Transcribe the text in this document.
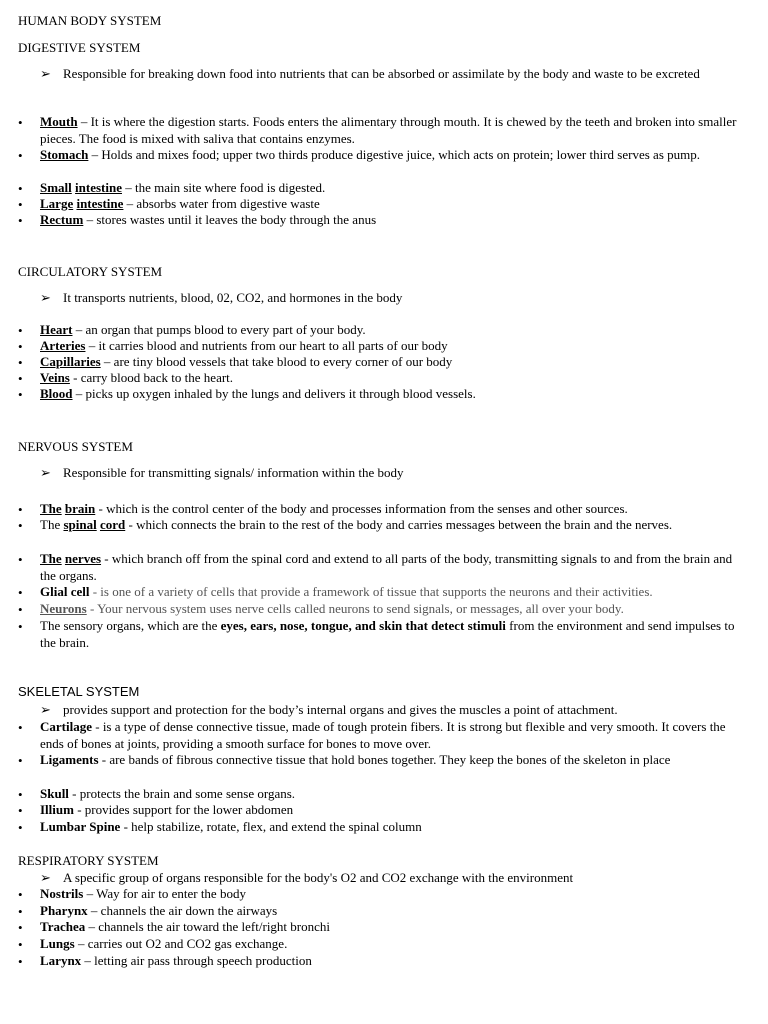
HUMAN BODY SYSTEM
DIGESTIVE SYSTEM
➢ Responsible for breaking down food into nutrients that can be absorbed or assimilate by the body and waste to be excreted
• Mouth – It is where the digestion starts. Foods enters the alimentary through mouth. It is chewed by the teeth and broken into smaller pieces. The food is mixed with saliva that contains enzymes.
• Stomach – Holds and mixes food; upper two thirds produce digestive juice, which acts on protein; lower third serves as pump.
• Small intestine – the main site where food is digested.
• Large intestine – absorbs water from digestive waste
• Rectum – stores wastes until it leaves the body through the anus
CIRCULATORY SYSTEM
➢ It transports nutrients, blood, 02, CO2, and hormones in the body
• Heart – an organ that pumps blood to every part of your body.
• Arteries – it carries blood and nutrients from our heart to all parts of our body
• Capillaries – are tiny blood vessels that take blood to every corner of our body
• Veins - carry blood back to the heart.
• Blood – picks up oxygen inhaled by the lungs and delivers it through blood vessels.
NERVOUS SYSTEM
➢ Responsible for transmitting signals/ information within the body
• The brain - which is the control center of the body and processes information from the senses and other sources.
• The spinal cord - which connects the brain to the rest of the body and carries messages between the brain and the nerves.
• The nerves - which branch off from the spinal cord and extend to all parts of the body, transmitting signals to and from the brain and the organs.
• Glial cell - is one of a variety of cells that provide a framework of tissue that supports the neurons and their activities.
• Neurons - Your nervous system uses nerve cells called neurons to send signals, or messages, all over your body.
• The sensory organs, which are the eyes, ears, nose, tongue, and skin that detect stimuli from the environment and send impulses to the brain.
SKELETAL SYSTEM
➢ provides support and protection for the body’s internal organs and gives the muscles a point of attachment.
• Cartilage - is a type of dense connective tissue, made of tough protein fibers. It is strong but flexible and very smooth. It covers the ends of bones at joints, providing a smooth surface for bones to move over.
• Ligaments - are bands of fibrous connective tissue that hold bones together. They keep the bones of the skeleton in place
• Skull - protects the brain and some sense organs.
• Illium - provides support for the lower abdomen
• Lumbar Spine - help stabilize, rotate, flex, and extend the spinal column
RESPIRATORY SYSTEM
➢ A specific group of organs responsible for the body's O2 and CO2 exchange with the environment
• Nostrils – Way for air to enter the body
• Pharynx – channels the air down the airways
• Trachea – channels the air toward the left/right bronchi
• Lungs – carries out O2 and CO2 gas exchange.
• Larynx – letting air pass through speech production
